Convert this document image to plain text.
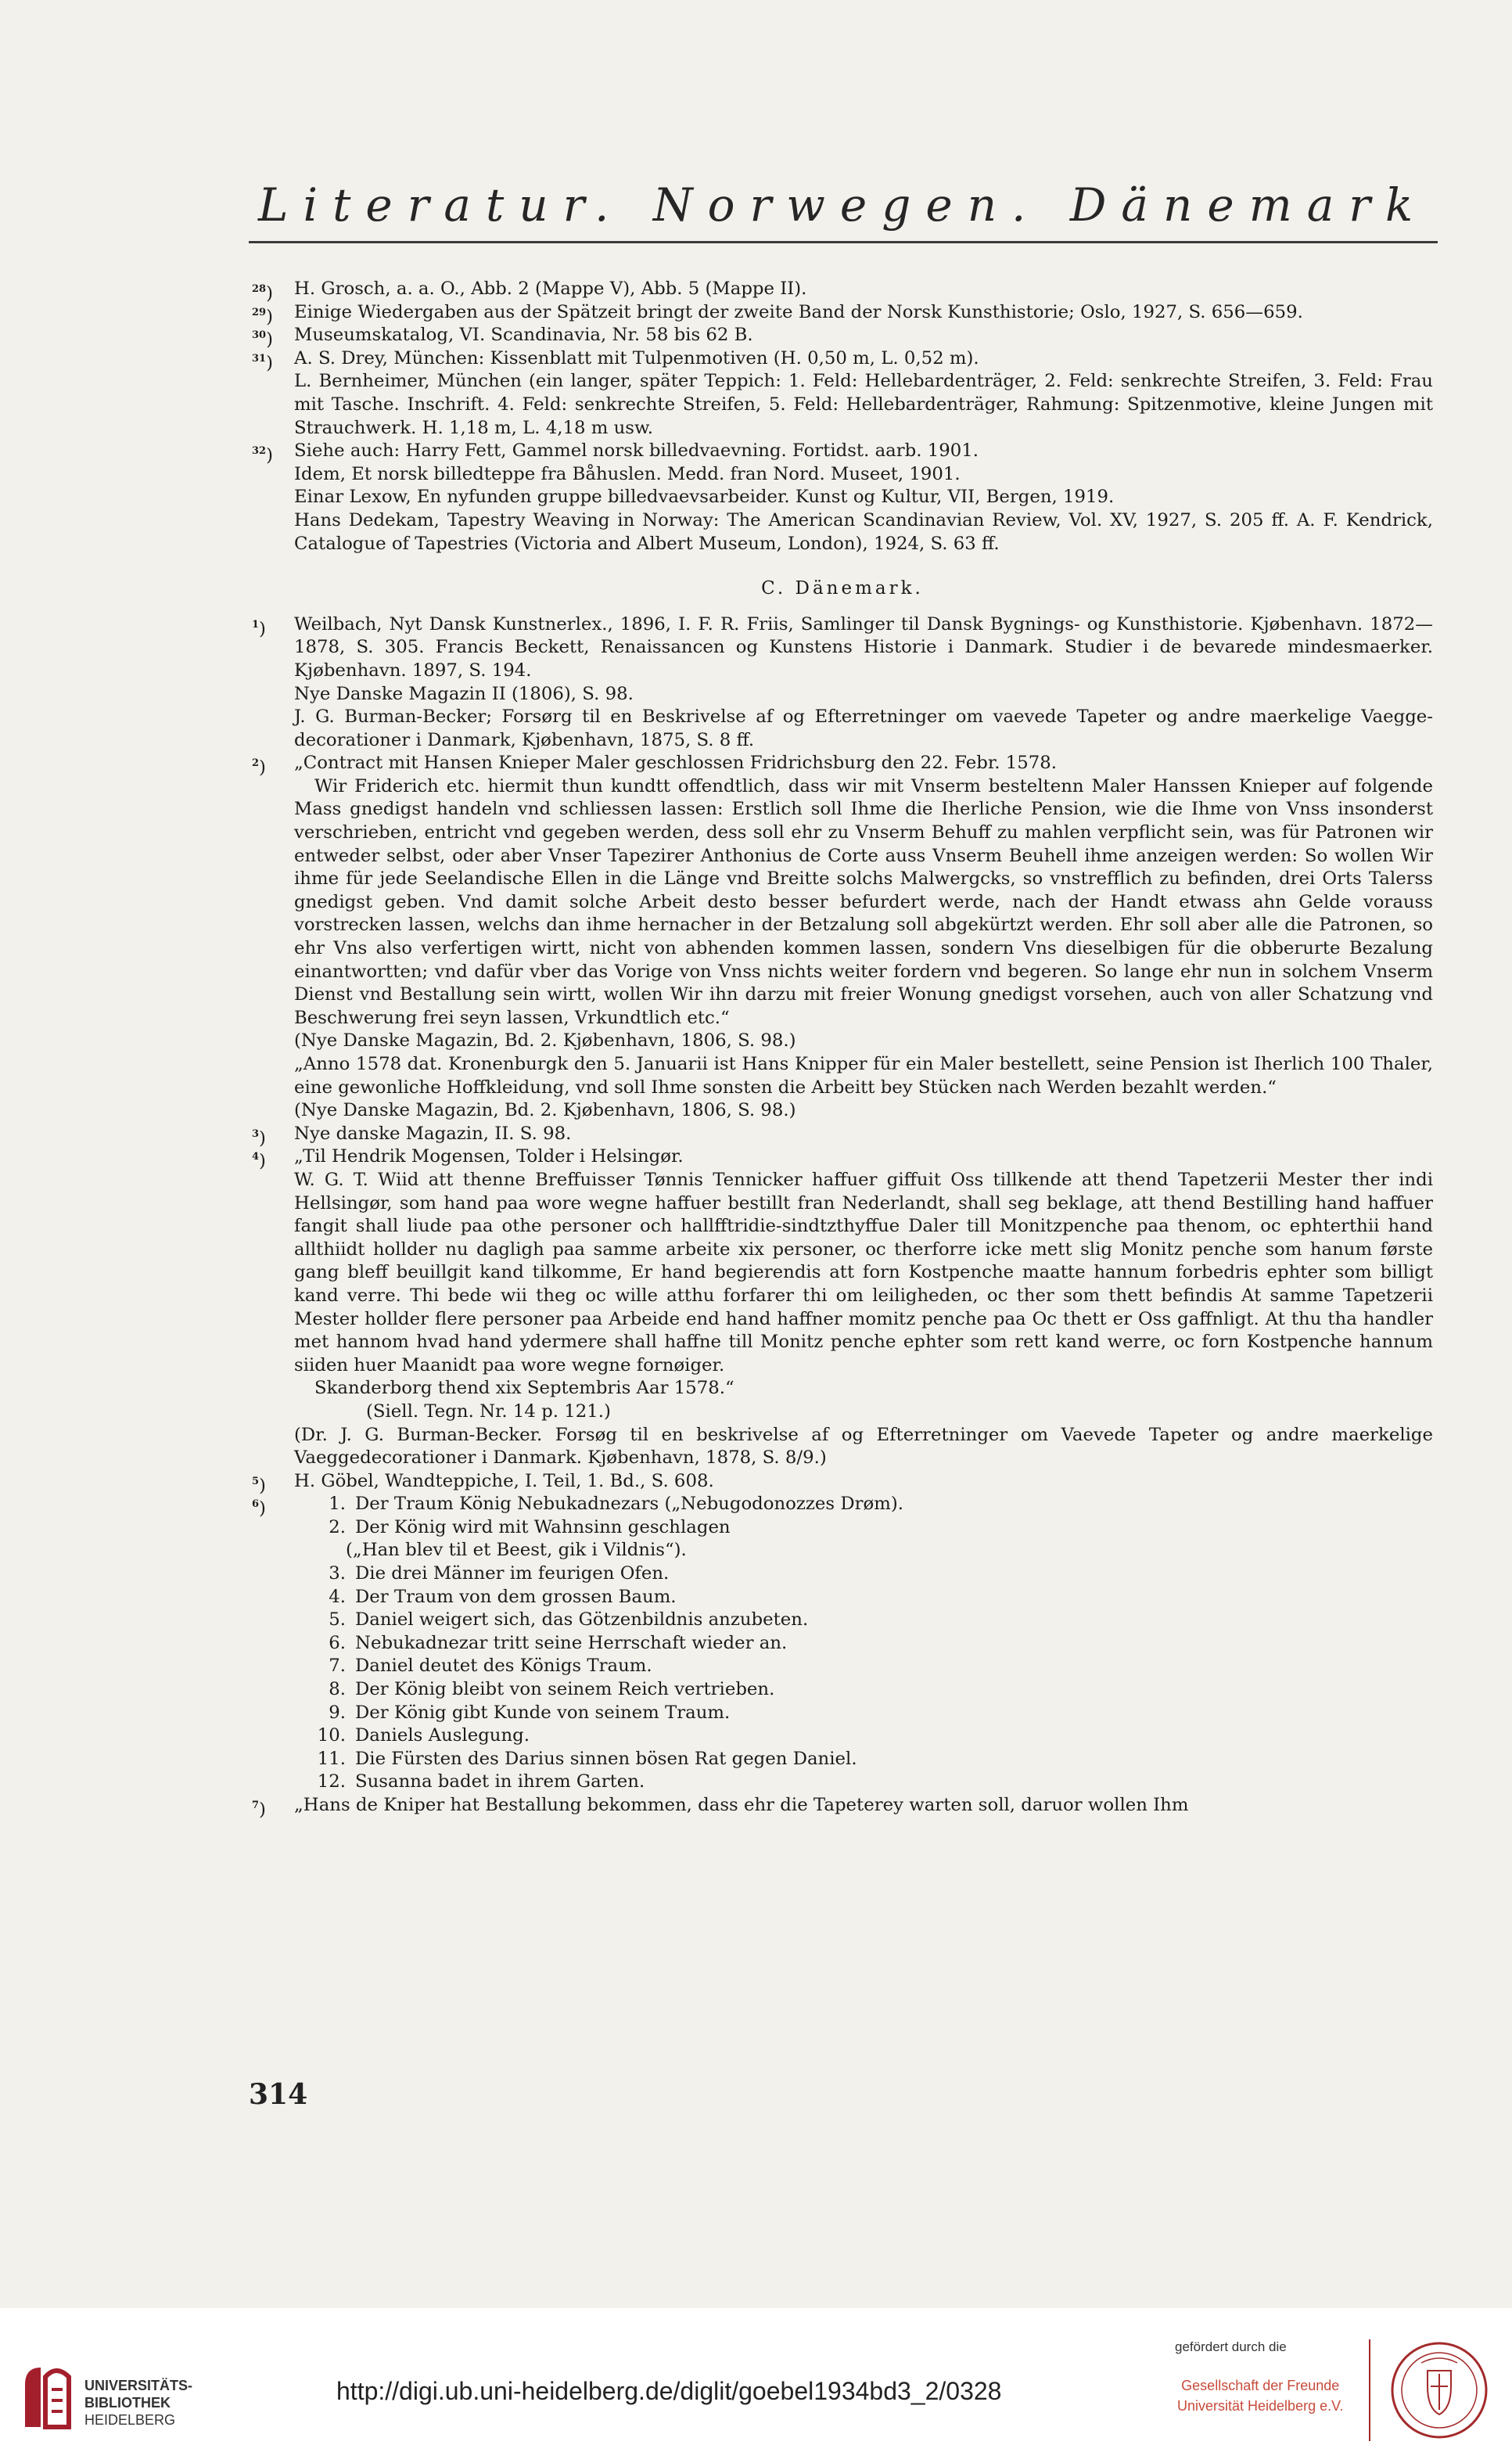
Literatur. Norwegen. Dänemark
$^{28}$)	H. Grosch, a. a. O., Abb. 2 (Mappe V), Abb. 5 (Mappe II).
$^{29}$)	Einige Wiedergaben aus der Spätzeit bringt der zweite Band der Norsk Kunsthistorie; Oslo, 1927, S. 656—659.
$^{30}$)	Museumskatalog, VI. Scandinavia, Nr. 58 bis 62 B.
$^{31}$)	A. S. Drey, München: Kissenblatt mit Tulpenmotiven (H. 0,50 m, L. 0,52 m).
L. Bernheimer, München (ein langer, später Teppich: 1. Feld: Hellebardenträger, 2. Feld: senkrechte Streifen, 3. Feld: Frau mit Tasche. Inschrift. 4. Feld: senkrechte Streifen, 5. Feld: Hellebardenträger, Rahmung: Spitzenmotive, kleine Jungen mit Strauchwerk. H. 1,18 m, L. 4,18 m usw.
$^{32}$)	Siehe auch: Harry Fett, Gammel norsk billedvaevning. Fortidst. aarb. 1901.
Idem, Et norsk billedteppe fra Båhuslen. Medd. fran Nord. Museet, 1901.
Einar Lexow, En nyfunden gruppe billedvaevsarbeider. Kunst og Kultur, VII, Bergen, 1919.
Hans Dedekam, Tapestry Weaving in Norway: The American Scandinavian Review, Vol. XV, 1927, S. 205 ff. A. F. Kendrick, Catalogue of Tapestries (Victoria and Albert Museum, London), 1924, S. 63 ff.
C. Dänemark.
$^1$)	Weilbach, Nyt Dansk Kunstnerlex., 1896, I. F. R. Friis, Samlinger til Dansk Bygnings- og Kunsthistorie. Kjøbenhavn. 1872—1878, S. 305. Francis Beckett, Renaissancen og Kunstens Historie i Danmark. Studier i de bevarede mindesmaerker. Kjøbenhavn. 1897, S. 194.
Nye Danske Magazin II (1806), S. 98.
J. G. Burman-Becker; Forsørg til en Beskrivelse af og Efterretninger om vaevede Tapeter og andre maerkelige Vaegge-decorationer i Danmark, Kjøbenhavn, 1875, S. 8 ff.
$^2$)	„Contract mit Hansen Knieper Maler geschlossen Fridrichsburg den 22. Febr. 1578.
Wir Friderich etc. hiermit thun kundtt offendtlich, dass wir mit Vnserm besteltenn Maler Hanssen Knieper auf folgende Mass gnedigst handeln vnd schliessen lassen: Erstlich soll Ihme die Iherliche Pension, wie die Ihme von Vnss insonderst verschrieben, entricht vnd gegeben werden, dess soll ehr zu Vnserm Behuff zu mahlen verpflicht sein, was für Patronen wir entweder selbst, oder aber Vnser Tapezirer Anthonius de Corte auss Vnserm Beuhell ihme anzeigen werden: So wollen Wir ihme für jede Seelandische Ellen in die Länge vnd Breitte solchs Malwergcks, so vnstrefflich zu befinden, drei Orts Talerss gnedigst geben. Vnd damit solche Arbeit desto besser befurdert werde, nach der Handt etwass ahn Gelde vorauss vorstrecken lassen, welchs dan ihme hernacher in der Betzalung soll abgekürtzt werden. Ehr soll aber alle die Patronen, so ehr Vns also verfertigen wirtt, nicht von abhenden kommen lassen, sondern Vns dieselbigen für die obberurte Bezalung einantwortten; vnd dafür vber das Vorige von Vnss nichts weiter fordern vnd begeren. So lange ehr nun in solchem Vnserm Dienst vnd Bestallung sein wirtt, wollen Wir ihn darzu mit freier Wonung gnedigst vorsehen, auch von aller Schatzung vnd Beschwerung frei seyn lassen, Vrkundtlich etc.“
(Nye Danske Magazin, Bd. 2. Kjøbenhavn, 1806, S. 98.)
„Anno 1578 dat. Kronenburgk den 5. Januarii ist Hans Knipper für ein Maler bestellett, seine Pension ist Iherlich 100 Thaler, eine gewonliche Hoffkleidung, vnd soll Ihme sonsten die Arbeitt bey Stücken nach Werden bezahlt werden.“
(Nye Danske Magazin, Bd. 2. Kjøbenhavn, 1806, S. 98.)
$^3$)	Nye danske Magazin, II. S. 98.
$^4$)	„Til Hendrik Mogensen, Tolder i Helsingør.
W. G. T. Wiid att thenne Breffuisser Tønnis Tennicker haffuer giffuit Oss tillkende att thend Tapetzerii Mester ther indi Hellsingør, som hand paa wore wegne haffuer bestillt fran Nederlandt, shall seg beklage, att thend Bestilling hand haffuer fangit shall liude paa othe personer och hallfftridie-sindtzthyffue Daler till Monitzpenche paa thenom, oc ephterthii hand allthiidt hollder nu dagligh paa samme arbeite xix personer, oc therforre icke mett slig Monitz penche som hanum første gang bleff beuillgit kand tilkomme, Er hand begierendis att forn Kostpenche maatte hannum forbedris ephter som billigt kand verre. Thi bede wii theg oc wille atthu forfarer thi om leiligheden, oc ther som thett befindis At samme Tapetzerii Mester hollder flere personer paa Arbeide end hand haffner momitz penche paa Oc thett er Oss gaffnligt. At thu tha handler met hannom hvad hand ydermere shall haffne till Monitz penche ephter som rett kand werre, oc forn Kostpenche hannum siiden huer Maanidt paa wore wegne fornøiger.
Skanderborg thend xix Septembris Aar 1578.“
(Siell. Tegn. Nr. 14 p. 121.)
(Dr. J. G. Burman-Becker. Forsøg til en beskrivelse af og Efterretninger om Vaevede Tapeter og andre maerkelige Vaeggedecorationer i Danmark. Kjøbenhavn, 1878, S. 8/9.)
$^5$)	H. Göbel, Wandteppiche, I. Teil, 1. Bd., S. 608.
$^6$)	1. Der Traum König Nebukadnezars („Nebugodonozzes Drøm).
2. Der König wird mit Wahnsinn geschlagen
(„Han blev til et Beest, gik i Vildnis“).
3. Die drei Männer im feurigen Ofen.
4. Der Traum von dem grossen Baum.
5. Daniel weigert sich, das Götzenbildnis anzubeten.
6. Nebukadnezar tritt seine Herrschaft wieder an.
7. Daniel deutet des Königs Traum.
8. Der König bleibt von seinem Reich vertrieben.
9. Der König gibt Kunde von seinem Traum.
10. Daniels Auslegung.
11. Die Fürsten des Darius sinnen bösen Rat gegen Daniel.
12. Susanna badet in ihrem Garten.
$^7$)	„Hans de Kniper hat Bestallung bekommen, dass ehr die Tapeterey warten soll, daruor wollen Ihm
314
UNIVERSITÄTS-
BIBLIOTHEK
HEIDELBERG
http://digi.ub.uni-heidelberg.de/diglit/goebel1934bd3_2/0328
gefördert durch die
Gesellschaft der Freunde
Universität Heidelberg e.V.
